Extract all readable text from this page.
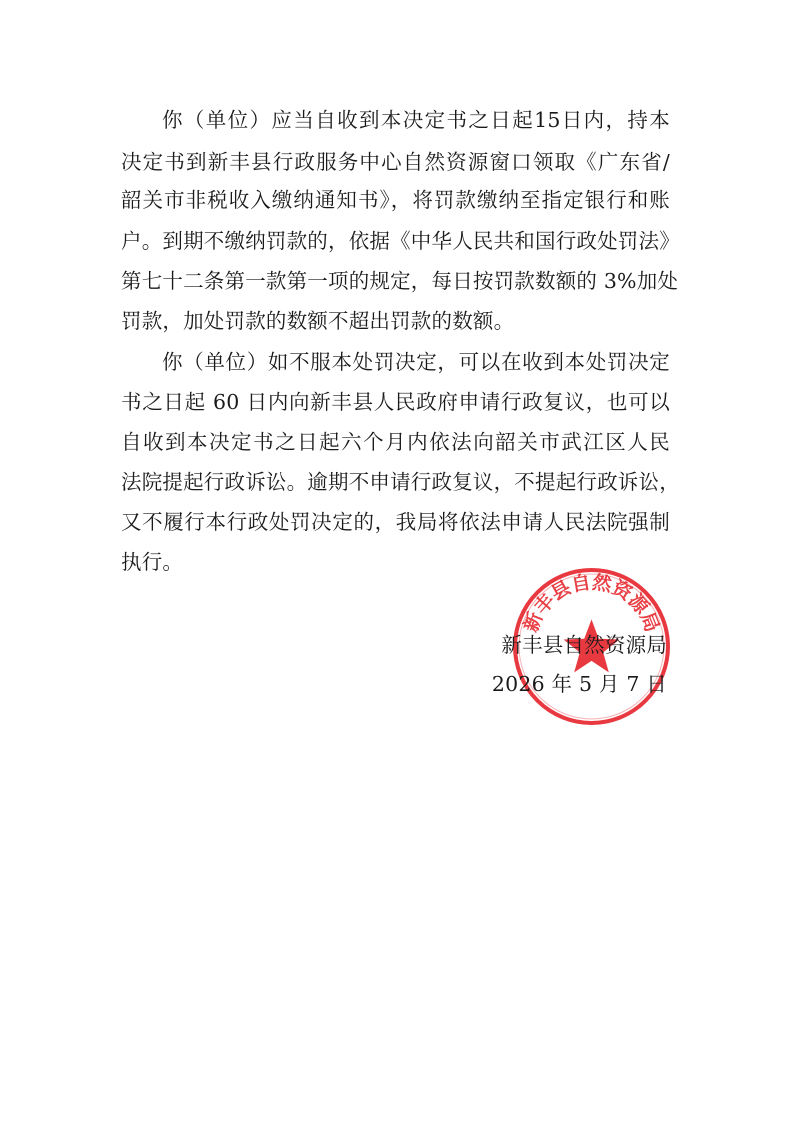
你（单位）应当自收到本决定书之日起15日内，持本

决定书到新丰县行政服务中心自然资源窗口领取《广东省/

韶关市非税收入缴纳通知书》，将罚款缴纳至指定银行和账

户。到期不缴纳罚款的，依据《中华人民共和国行政处罚法》

第七十二条第一款第一项的规定，每日按罚款数额的 3%加处

罚款，加处罚款的数额不超出罚款的数额。

你（单位）如不服本处罚决定，可以在收到本处罚决定

书之日起 60 日内向新丰县人民政府申请行政复议，也可以

自收到本决定书之日起六个月内依法向韶关市武江区人民

法院提起行政诉讼。逾期不申请行政复议，不提起行政诉讼，

又不履行本行政处罚决定的，我局将依法申请人民法院强制

执行。

新丰县自然资源局

新丰县自然资源局

2026 年 5 月 7 日
